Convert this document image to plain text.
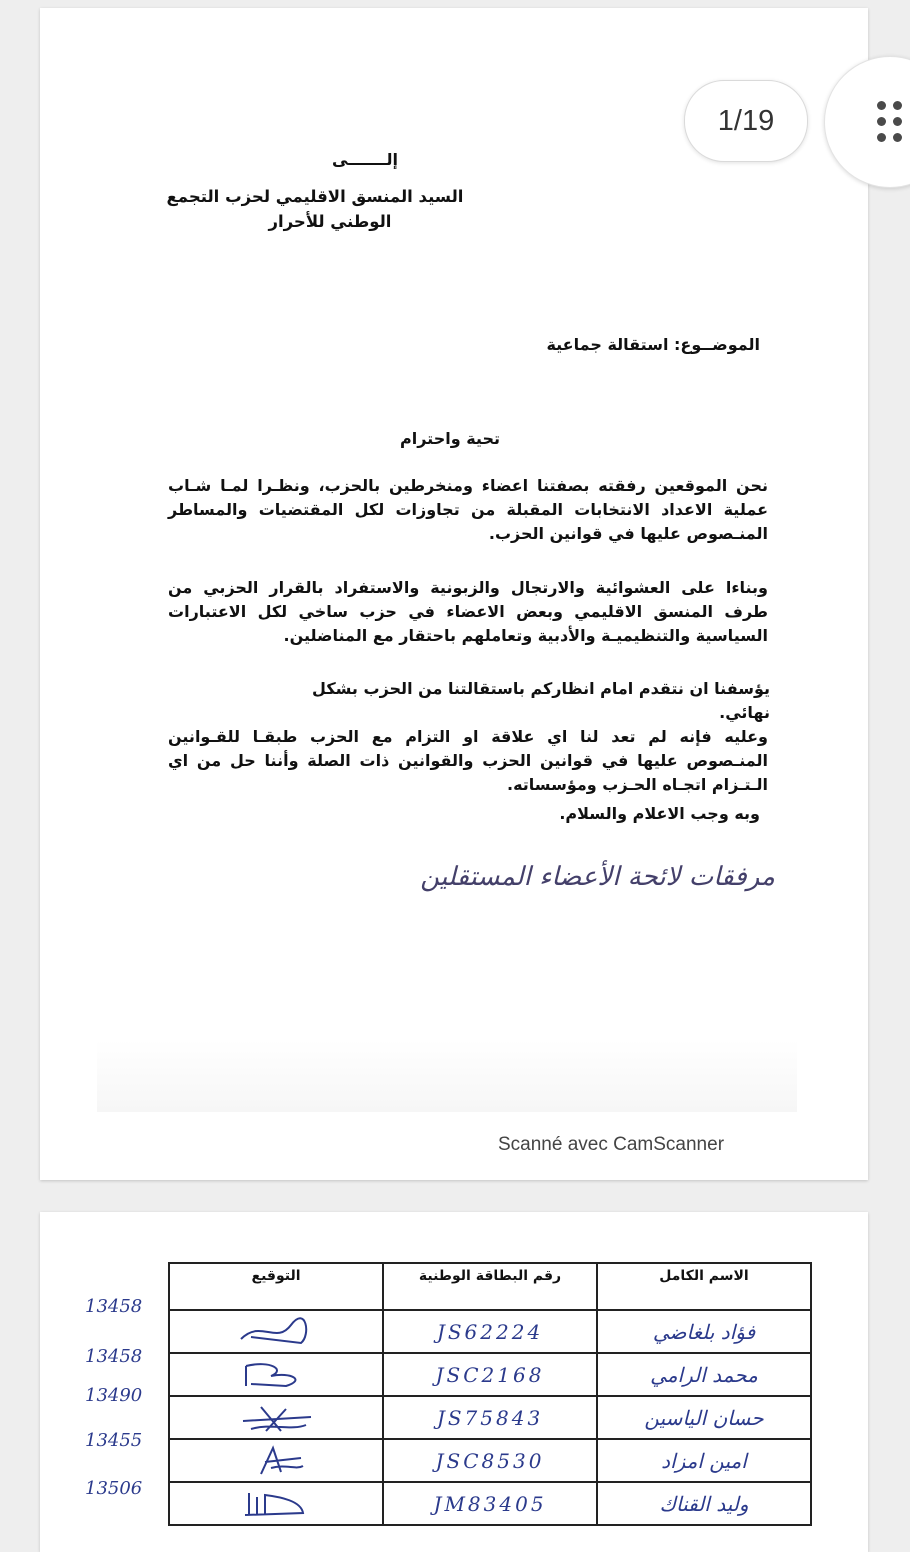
إلـــــــى
السيد المنسق الاقليمي لحزب التجمع
الوطني للأحرار
الموضــوع: استقالة جماعية
تحية واحترام
نحن الموقعين رفقته بصفتنا اعضاء ومنخرطين بالحزب، ونظـرا لمـا شـاب عملية الاعداد الانتخابات المقبلة من تجاوزات لكل المقتضيات والمساطر المنـصوص عليها في قوانين الحزب.
وبناءا على العشوائية والارتجال والزبونية والاستفراد بالقرار الحزبي من طرف المنسق الاقليمي وبعض الاعضاء في حزب ساخي لكل الاعتبارات السياسية والتنظيميـة والأدبية وتعاملهم باحتقار مع المناضلين.
يؤسفنا ان نتقدم امام انظاركم باستقالتنا من الحزب بشكل نهائي.
وعليه فإنه لم تعد لنا اي علاقة او التزام مع الحزب طبقـا للقـوانين المنـصوص عليها في قوانين الحزب والقوانين ذات الصلة وأننا حل من اي الـتـزام اتجـاه الحـزب ومؤسساته.
وبه وجب الاعلام والسلام.
مرفقات لائحة الأعضاء المستقلين
Scanné avec CamScanner
الاسم الكامل	رقم البطاقة الوطنية	التوقيع
فؤاد بلغاضي	JS62224	

محمد الرامي	JSC2168	

حسان الياسين	JS75843	

امين امزاد	JSC8530	

وليد القناك	JM83405	
13458
13458
13490
13455
13506
1/19
